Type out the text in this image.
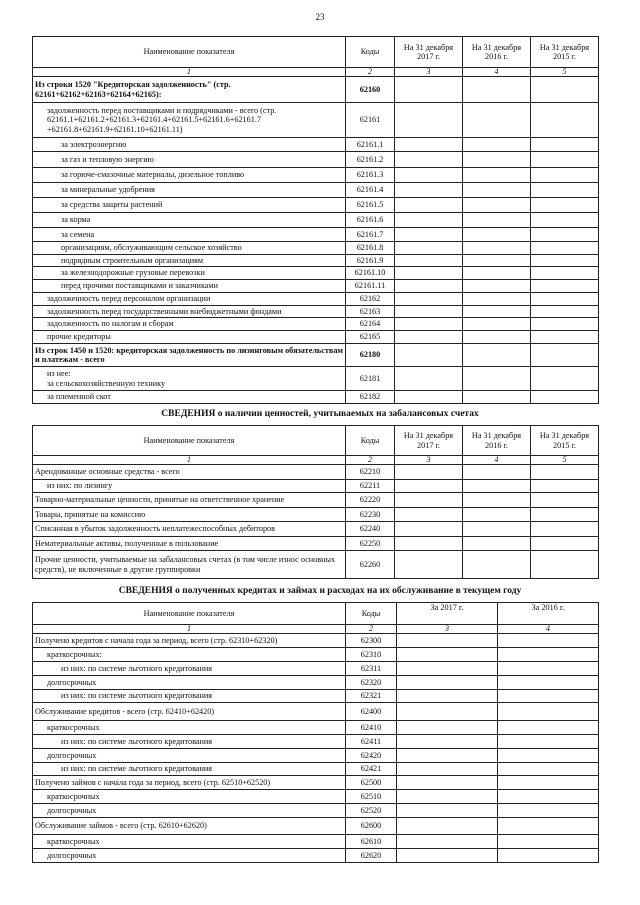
23
Наименование показателя	Коды	На 31 декабря 2017 г.	На 31 декабря 2016 г.	На 31 декабря 2015 г.
1	2	3	4	5
Из строки 1520 "Кредиторская задолженность" (стр. 62161+62162+62163+62164+62165):	62160			
задолженность перед поставщиками и подрядчиками - всего (стр. 62161.1+62161.2+62161.3+62161.4+62161.5+62161.6+62161.7 +62161.8+62161.9+62161.10+62161.11)	62161			
за электроэнергию	62161.1			
за газ и тепловую энергию	62161.2			
за горюче-смазочные материалы, дизельное топливо	62161.3			
за минеральные удобрения	62161.4			
за средства защиты растений	62161.5			
за корма	62161.6			
за семена	62161.7			
организациям, обслуживающим сельское хозяйство	62161.8			
подрядным строительным организациям	62161.9			
за железнодорожные грузовые перевозки	62161.10			
перед прочими поставщиками и заказчиками	62161.11			
задолженность перед персоналом организации	62162			
задолженность перед государственными внебюджетными фондами	62163			
задолженность по налогам и сборам	62164			
прочие кредиторы	62165			
Из строк 1450 и 1520: кредиторская задолженность по лизинговым обязательствам и платежам - всего	62180			
из нее:
за сельскохозяйственную технику	62181			
за племенной скот	62182			
СВЕДЕНИЯ о наличии ценностей, учитываемых на забалансовых счетах
Наименование показателя	Коды	На 31 декабря 2017 г.	На 31 декабря 2016 г.	На 31 декабря 2015 г.
1	2	3	4	5
Арендованные основные средства - всего	62210			
из них: по лизингу	62211			
Товарно-материальные ценности, принятые на ответственное хранение	62220			
Товары, принятые на комиссию	62230			
Списанная в убыток задолженность неплатежеспособных дебиторов	62240			
Нематериальные активы, полученные в пользование	62250			
Прочие ценности, учитываемые на забалансовых счетах (в том числе износ основных средств), не включенные в другие группировки	62260			
СВЕДЕНИЯ о полученных кредитах и займах и расходах на их обслуживание в текущем году
Наименование показателя	Коды	За 2017 г.	За 2016 г.
1	2	3	4
Получено кредитов с начала года за период, всего (стр. 62310+62320)	62300		
краткосрочных:	62310		
из них: по системе льготного кредитования	62311		
долгосрочных	62320		
из них: по системе льготного кредитования	62321		
Обслуживание кредитов - всего (стр. 62410+62420)	62400		
краткосрочных	62410		
из них: по системе льготного кредитования	62411		
долгосрочных	62420		
из них: по системе льготного кредитования	62421		
Получено займов с начала года за период, всего (стр. 62510+62520)	62500		
краткосрочных	62510		
долгосрочных	62520		
Обслуживание займов - всего (стр. 62610+62620)	62600		
краткосрочных	62610		
долгосрочных	62620		
